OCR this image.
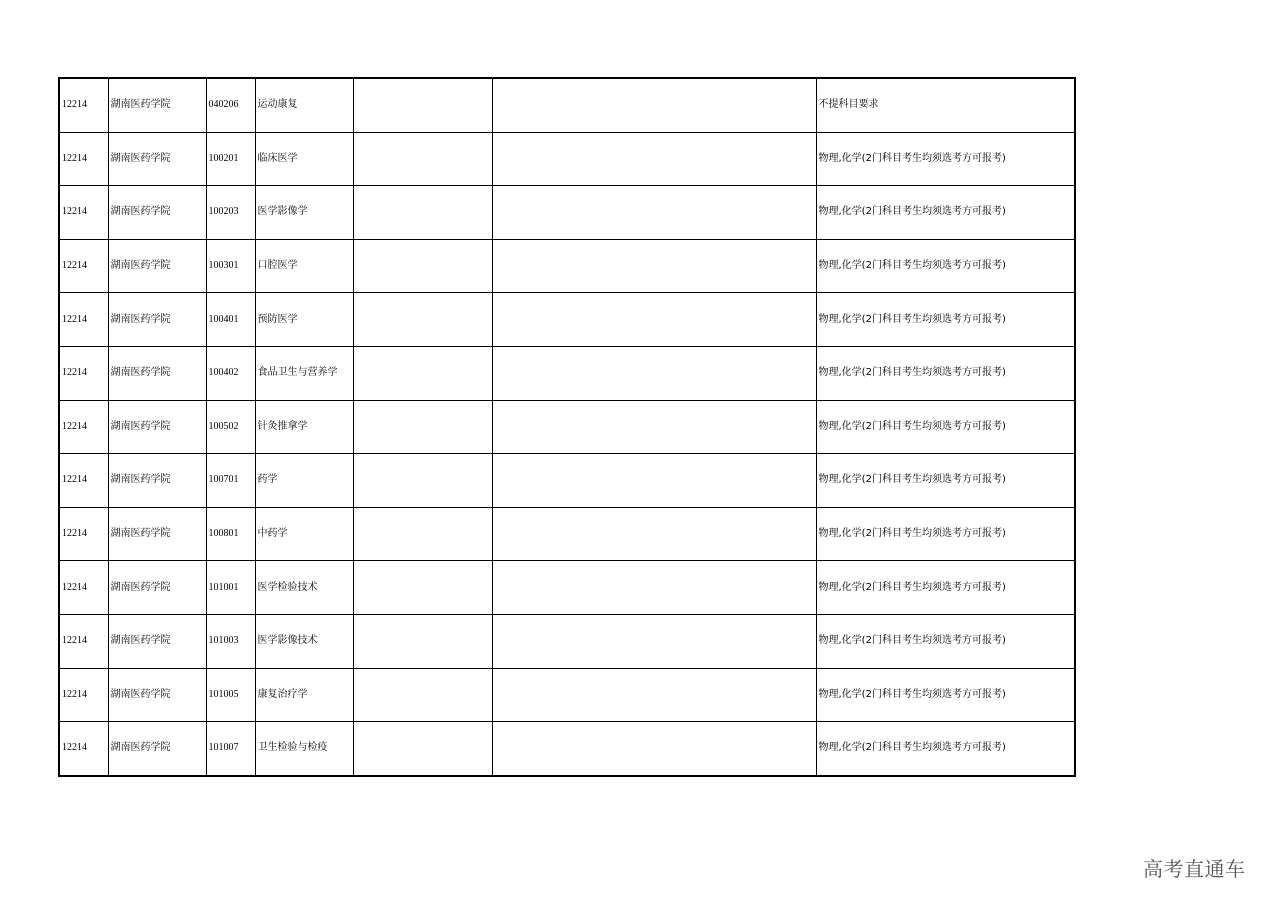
12214	湖南医药学院	040206	运动康复			不提科目要求
12214	湖南医药学院	100201	临床医学			物理,化学(2门科目考生均须选考方可报考)
12214	湖南医药学院	100203	医学影像学			物理,化学(2门科目考生均须选考方可报考)
12214	湖南医药学院	100301	口腔医学			物理,化学(2门科目考生均须选考方可报考)
12214	湖南医药学院	100401	预防医学			物理,化学(2门科目考生均须选考方可报考)
12214	湖南医药学院	100402	食品卫生与营养学			物理,化学(2门科目考生均须选考方可报考)
12214	湖南医药学院	100502	针灸推拿学			物理,化学(2门科目考生均须选考方可报考)
12214	湖南医药学院	100701	药学			物理,化学(2门科目考生均须选考方可报考)
12214	湖南医药学院	100801	中药学			物理,化学(2门科目考生均须选考方可报考)
12214	湖南医药学院	101001	医学检验技术			物理,化学(2门科目考生均须选考方可报考)
12214	湖南医药学院	101003	医学影像技术			物理,化学(2门科目考生均须选考方可报考)
12214	湖南医药学院	101005	康复治疗学			物理,化学(2门科目考生均须选考方可报考)
12214	湖南医药学院	101007	卫生检验与检疫			物理,化学(2门科目考生均须选考方可报考)
高考直通车
